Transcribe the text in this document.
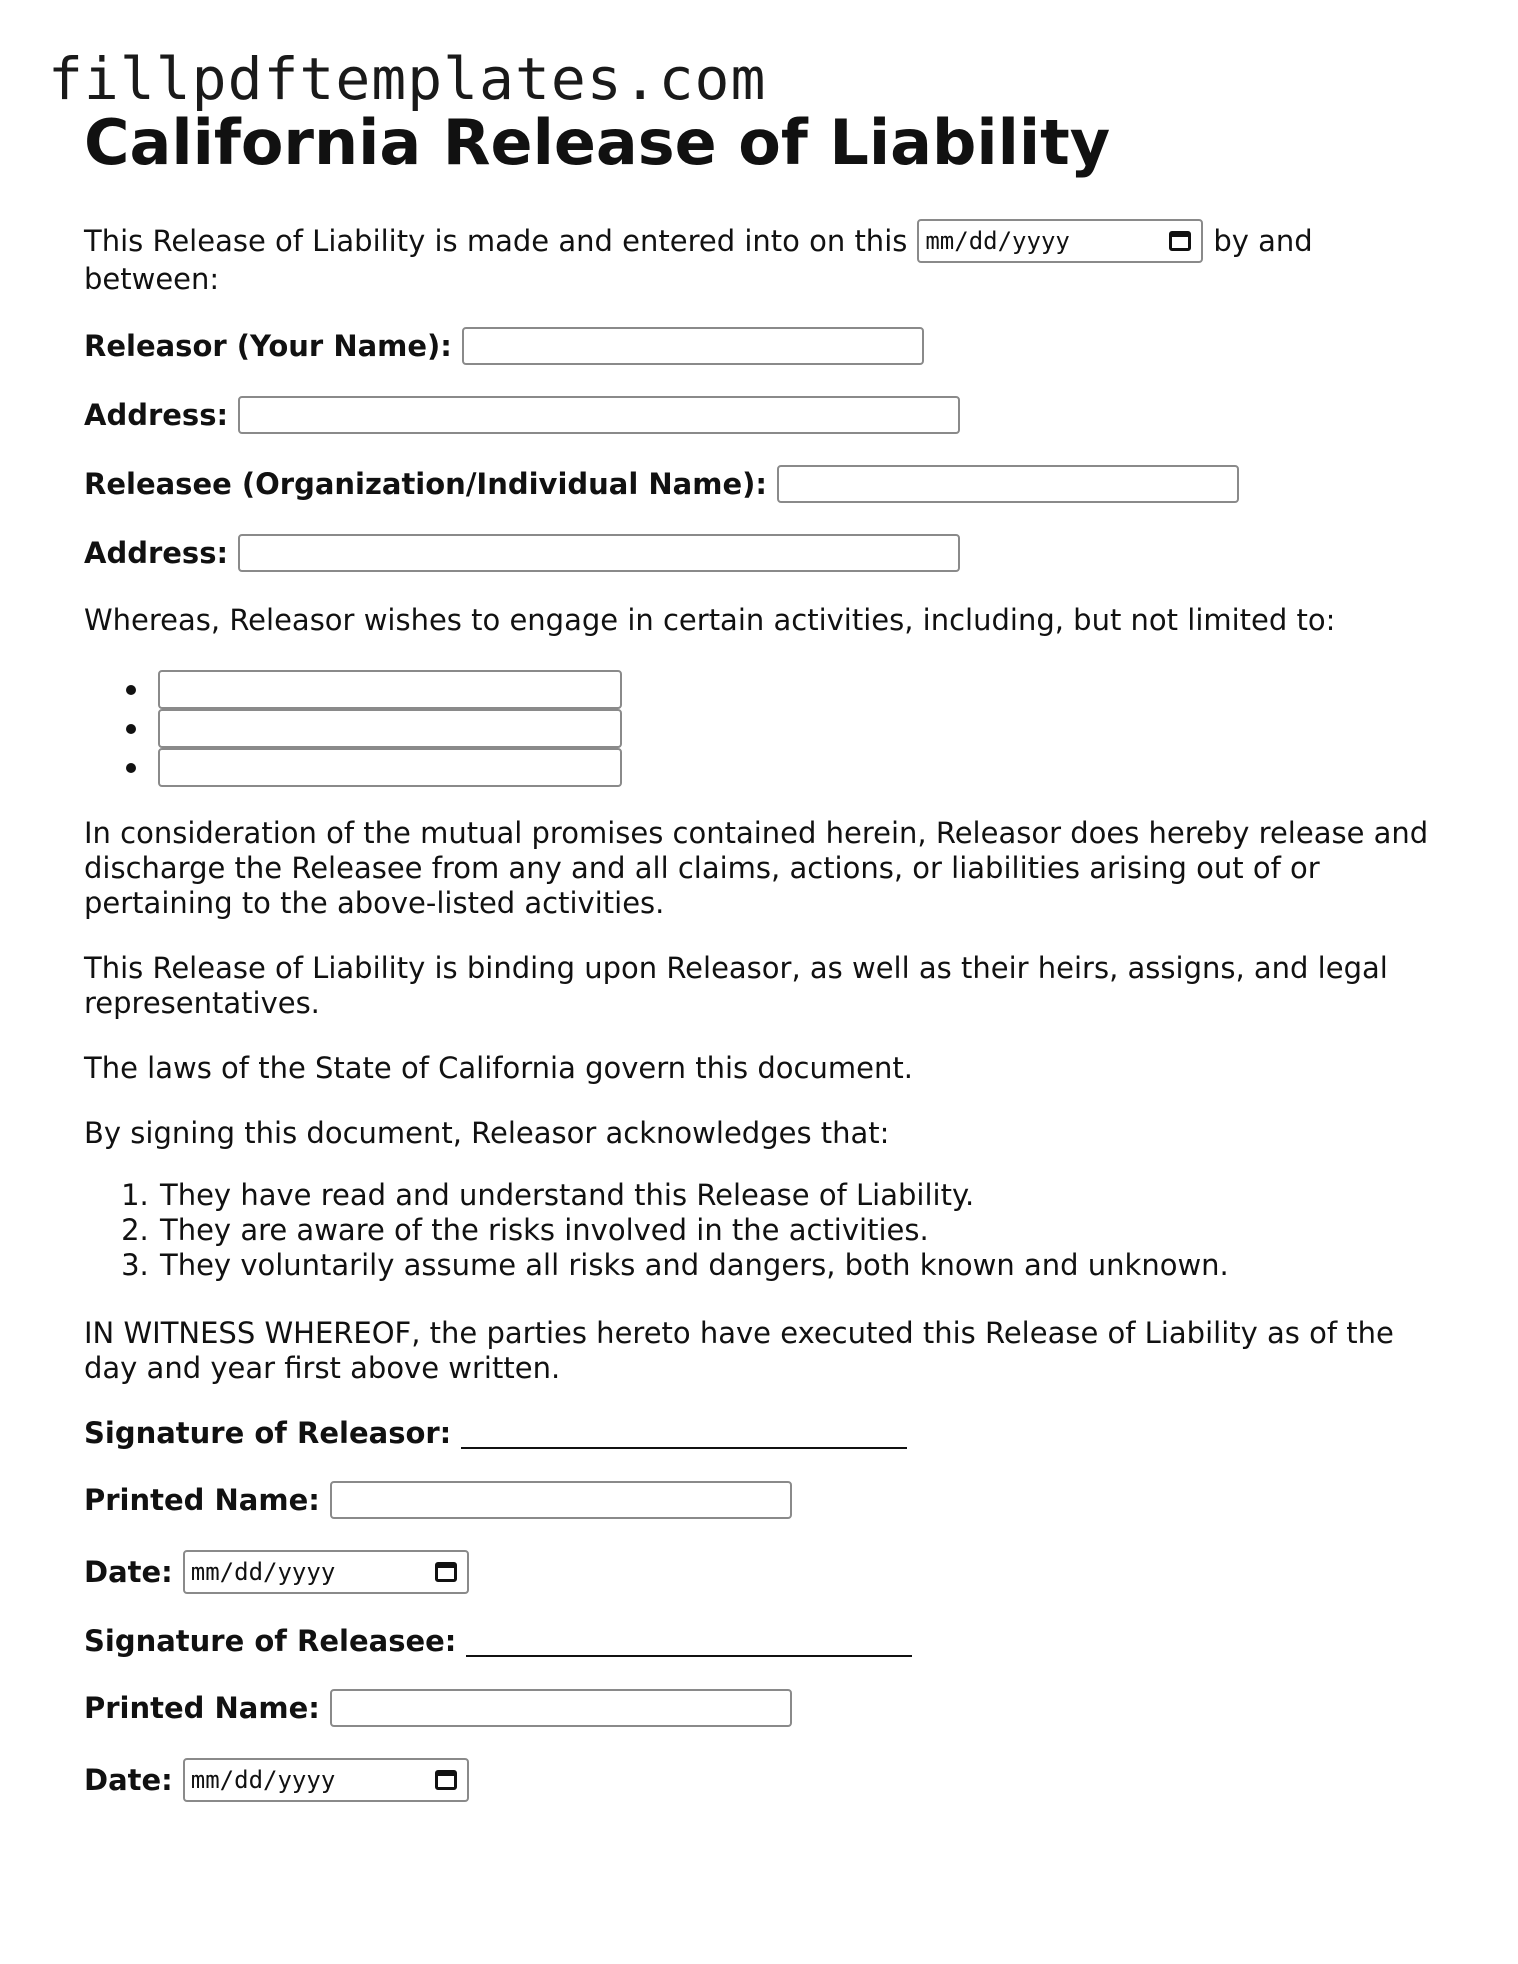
fillpdftemplates.com
California Release of Liability
This Release of Liability is made and entered into on this mm/dd/yyyy	by and

between:

Releasor (Your Name):
Address:
Releasee (Organization/Individual Name):
Address:

Whereas, Releasor wishes to engage in certain activities, including, but not limited to:

In consideration of the mutual promises contained herein, Releasor does hereby release and discharge the Releasee from any and all claims, actions, or liabilities arising out of or pertaining to the above-listed activities.

This Release of Liability is binding upon Releasor, as well as their heirs, assigns, and legal representatives.

The laws of the State of California govern this document.

By signing this document, Releasor acknowledges that:

1. They have read and understand this Release of Liability.
2. They are aware of the risks involved in the activities.
3. They voluntarily assume all risks and dangers, both known and unknown.

IN WITNESS WHEREOF, the parties hereto have executed this Release of Liability as of the day and year first above written.

Signature of Releasor:
Printed Name:
Date: mm/dd/yyyy
Signature of Releasee:
Printed Name:
Date: mm/dd/yyyy
